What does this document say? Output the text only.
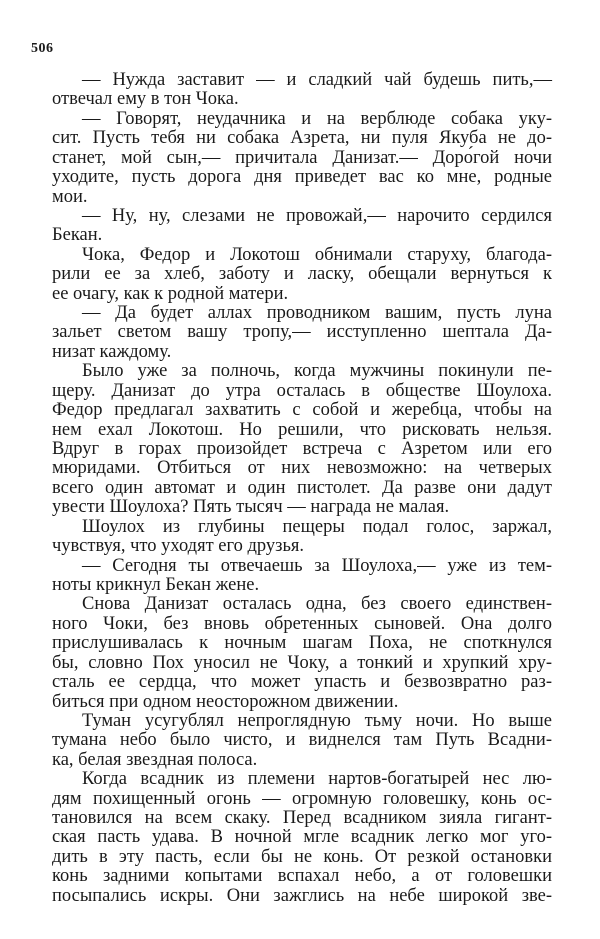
506
— Нужда заставит — и сладкий чай будешь пить,—
отвечал ему в тон Чока.
— Говорят, неудачника и на верблюде собака уку-
сит. Пусть тебя ни собака Азрета, ни пуля Якуба не до-
станет, мой сын,— причитала Данизат.— Доро́гой ночи
уходите, пусть дорога дня приведет вас ко мне, родные
мои.
— Ну, ну, слезами не провожай,— нарочито сердился
Бекан.
Чока, Федор и Локотош обнимали старуху, благода-
рили ее за хлеб, заботу и ласку, обещали вернуться к
ее очагу, как к родной матери.
— Да будет аллах проводником вашим, пусть луна
зальет светом вашу тропу,— исступленно шептала Да-
низат каждому.
Было уже за полночь, когда мужчины покинули пе-
щеру. Данизат до утра осталась в обществе Шоулоха.
Федор предлагал захватить с собой и жеребца, чтобы на
нем ехал Локотош. Но решили, что рисковать нельзя.
Вдруг в горах произойдет встреча с Азретом или его
мюридами. Отбиться от них невозможно: на четверых
всего один автомат и один пистолет. Да разве они дадут
увести Шоулоха? Пять тысяч — награда не малая.
Шоулох из глубины пещеры подал голос, заржал,
чувствуя, что уходят его друзья.
— Сегодня ты отвечаешь за Шоулоха,— уже из тем-
ноты крикнул Бекан жене.
Снова Данизат осталась одна, без своего единствен-
ного Чоки, без вновь обретенных сыновей. Она долго
прислушивалась к ночным шагам Поха, не споткнулся
бы, словно Пох уносил не Чоку, а тонкий и хрупкий хру-
сталь ее сердца, что может упасть и безвозвратно раз-
биться при одном неосторожном движении.
Туман усугублял непроглядную тьму ночи. Но выше
тумана небо было чисто, и виднелся там Путь Всадни-
ка, белая звездная полоса.
Когда всадник из племени нартов-богатырей нес лю-
дям похищенный огонь — огромную головешку, конь ос-
тановился на всем скаку. Перед всадником зияла гигант-
ская пасть удава. В ночной мгле всадник легко мог уго-
дить в эту пасть, если бы не конь. От резкой остановки
конь задними копытами вспахал небо, а от головешки
посыпались искры. Они зажглись на небе широкой зве-
